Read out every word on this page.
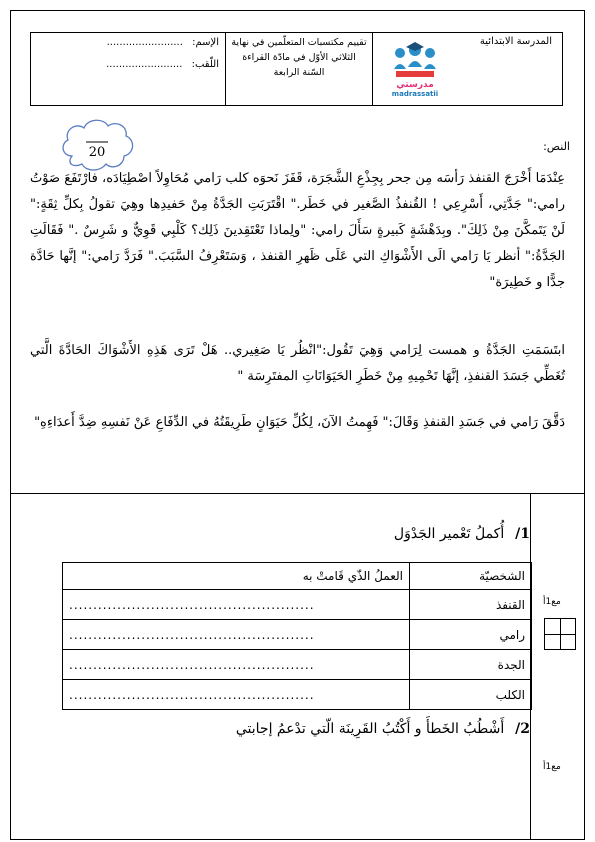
المدرسة الابتدائية
مدرستي
madrassatii
تقييم مكتسبات المتعلّمين في نهاية
الثلاثي الأوّل في مادّة القراءة
السّنة الرابعة
الإسم: ........................
اللّقب: ........................
20	النص:

عِنْدَمَا أَخْرَجَ القنفذ رَأسَه مِن جحر بِجِذْعِ الشَّجَرَة، قَفَزَ نَحوَه كلب رَامي مُحَاوِلاً اصْطِيَادَه، فارْتَفَعَ صَوْتُ رامي:" جَدَّتِي، أَسْرِعِي ! القُنفذُ الصَّغير في خَطَر." اقْتَرَبَتِ الجَدَّةُ مِنْ حَفيدِها وهِيَ تقولُ بِكلِّ ثِقَةٍ:" لَنْ يَتَمكَّنَ مِنْ ذَلِكَ". وبِدَهْشَةٍ كَبيرةٍ سَأَلَ رامي: "ولِماذا تَعْتَقِدينَ ذَلِك؟ كَلْبِي قَوِيٌّ و شَرِسٌ ." فَقَالَتِ الجَدَّةُ:" أنظر يَا رَامي الَى الأَشْوَاكِ التي عَلَى ظَهرِ القنفذ ، وَسَتَعْرِفُ السَّبَبَ." فَرَدَّ رَامي:" إنَّها حَادَّة جدًّا و خَطِيرَة"

ابتَسَمَتِ الجَدَّةُ و همست لِرَامي وَهِيَ تَقُول:"انْظُر يَا صَغِيري.. هَلْ تَرَى هَذِهِ الأَشْوَاكَ الحَادَّةَ الَّتي تُغَطِّي جَسَدَ القنفذِ، إنَّهَا تَحْمِيهِ مِنْ خَطَرِ الحَيَوَانَاتِ المفتَرِسَة "

دَقَّقَ رَامي في جَسَدِ القنفذِ وَقَالَ:" فَهِمتُ الآنَ، لِكُلِّ حَيَوَانٍ طَرِيقَتُهُ في الدِّفَاعِ عَنْ نَفسِهِ ضِدَّ أَعدَاءِهِ"

1/ أُكملُ تَعْمير الجَدْوَل
الشخصيّة	العملُ الذّي قَامتْ به
القنفذ	...................................................
رامي	...................................................
الجدة	...................................................
الكلب	...................................................
2/ أَشْطُبُ الخَطأَ و أَكْتُبُ القَرِينَة الّتي تدْعمُ إجابتي
مع1أ
مع1أ
